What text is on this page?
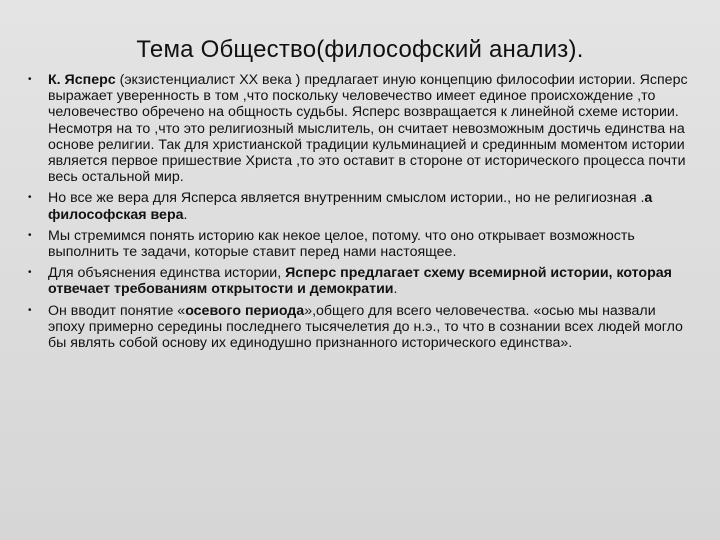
Тема Общество(философский анализ).
• К. Ясперс (экзистенциалист XX века ) предлагает иную концепцию философии истории. Ясперс выражает уверенность в том ,что поскольку человечество имеет единое происхождение ,то человечество обречено на общность судьбы. Ясперс возвращается к линейной схеме истории. Несмотря на то ,что это религиозный мыслитель, он считает невозможным достичь единства на основе религии. Так для христианской традиции кульминацией и срединным моментом истории является первое пришествие Христа ,то это оставит в стороне от исторического процесса почти весь остальной мир.
• Но все же вера для Ясперса является внутренним смыслом истории., но не религиозная .а философская вера.
• Мы стремимся понять историю как некое целое, потому. что оно открывает возможность выполнить те задачи, которые ставит перед нами настоящее.
• Для объяснения единства истории, Ясперс предлагает схему всемирной истории, которая отвечает требованиям открытости и демократии.
• Он вводит понятие «осевого периода»,общего для всего человечества. «осью мы назвали эпоху примерно середины последнего тысячелетия до н.э., то что в сознании всех людей могло бы являть собой основу их единодушно признанного исторического единства».
